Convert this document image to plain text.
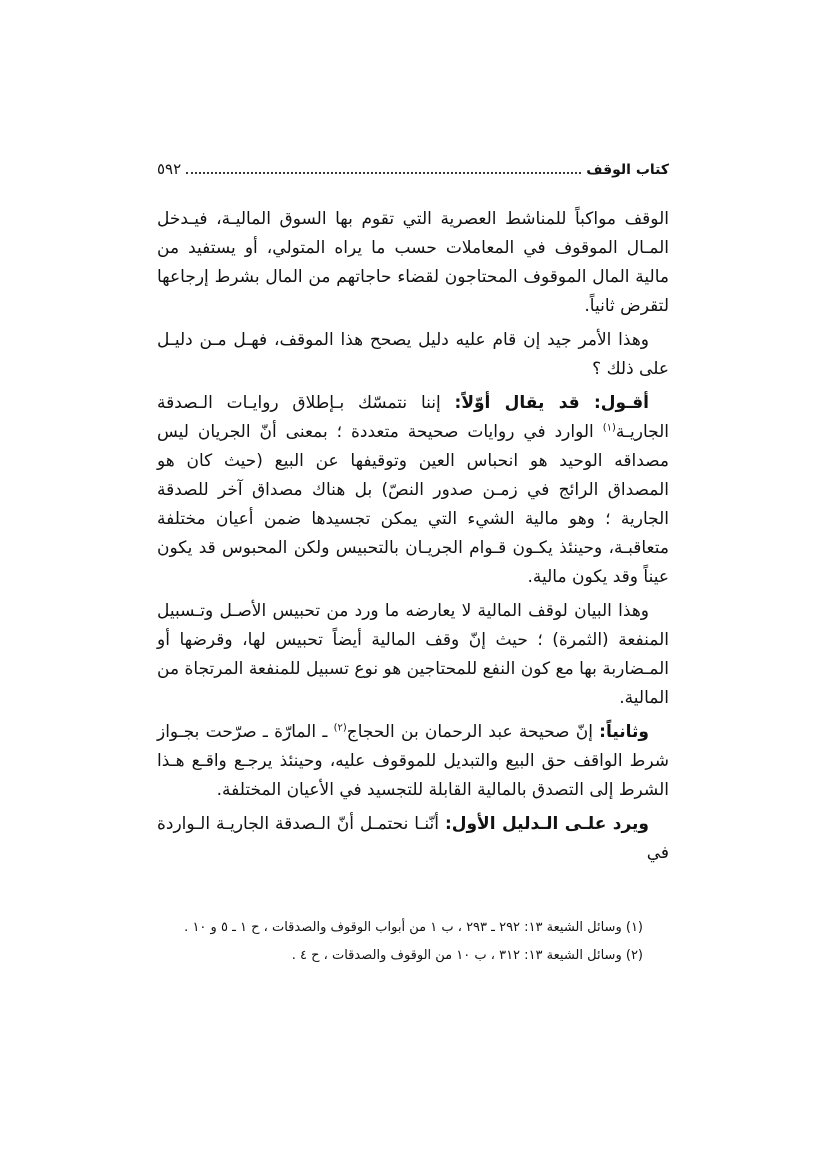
كتاب الوقف
٥٩٢

الوقف مواكباً للمناشط العصرية التي تقوم بها السوق الماليـة، فيـدخل المـال الموقوف في المعاملات حسب ما يراه المتولي، أو يستفيد من مالية المال الموقوف المحتاجون لقضاء حاجاتهم من المال بشرط إرجاعها لتقرض ثانياً.

وهذا الأمر جيد إن قام عليه دليل يصحح هذا الموقف، فهـل مـن دليـل على ذلك ؟

أقـول: قد يقال أوّلاً: إننا نتمسّك بـإطلاق روايـات الـصدقة الجاريـة$^{(١)}$ الوارد في روايات صحيحة متعددة ؛ بمعنى أنّ الجريان ليس مصداقه الوحيد هو انحباس العين وتوقيفها عن البيع (حيث كان هو المصداق الرائج في زمـن صدور النصّ) بل هناك مصداق آخر للصدقة الجارية ؛ وهو مالية الشيء التي يمكن تجسيدها ضمن أعيان مختلفة متعاقبـة، وحينئذ يكـون قـوام الجريـان بالتحبيس ولكن المحبوس قد يكون عيناً وقد يكون مالية.

وهذا البيان لوقف المالية لا يعارضه ما ورد من تحبيس الأصـل وتـسبيل المنفعة (الثمرة) ؛ حيث إنّ وقف المالية أيضاً تحبيس لها، وقرضها أو المـضاربة بها مع كون النفع للمحتاجين هو نوع تسبيل للمنفعة المرتجاة من المالية.

وثانياً: إنّ صحيحة عبد الرحمان بن الحجاج$^{(٢)}$ ـ المارّة ـ صرّحت بجـواز شرط الواقف حق البيع والتبديل للموقوف عليه، وحينئذ يرجـع واقـع هـذا الشرط إلى التصدق بالمالية القابلة للتجسيد في الأعيان المختلفة.

ويرد علـى الـدليل الأول: أنّنـا نحتمـل أنّ الـصدقة الجاريـة الـواردة في

(١) وسائل الشيعة ١٣: ٢٩٢ ـ ٢٩٣ ، ب ١ من أبواب الوقوف والصدقات ، ح ١ ـ ٥ و ١٠ .

(٢) وسائل الشيعة ١٣: ٣١٢ ، ب ١٠ من الوقوف والصدقات ، ح ٤ .
